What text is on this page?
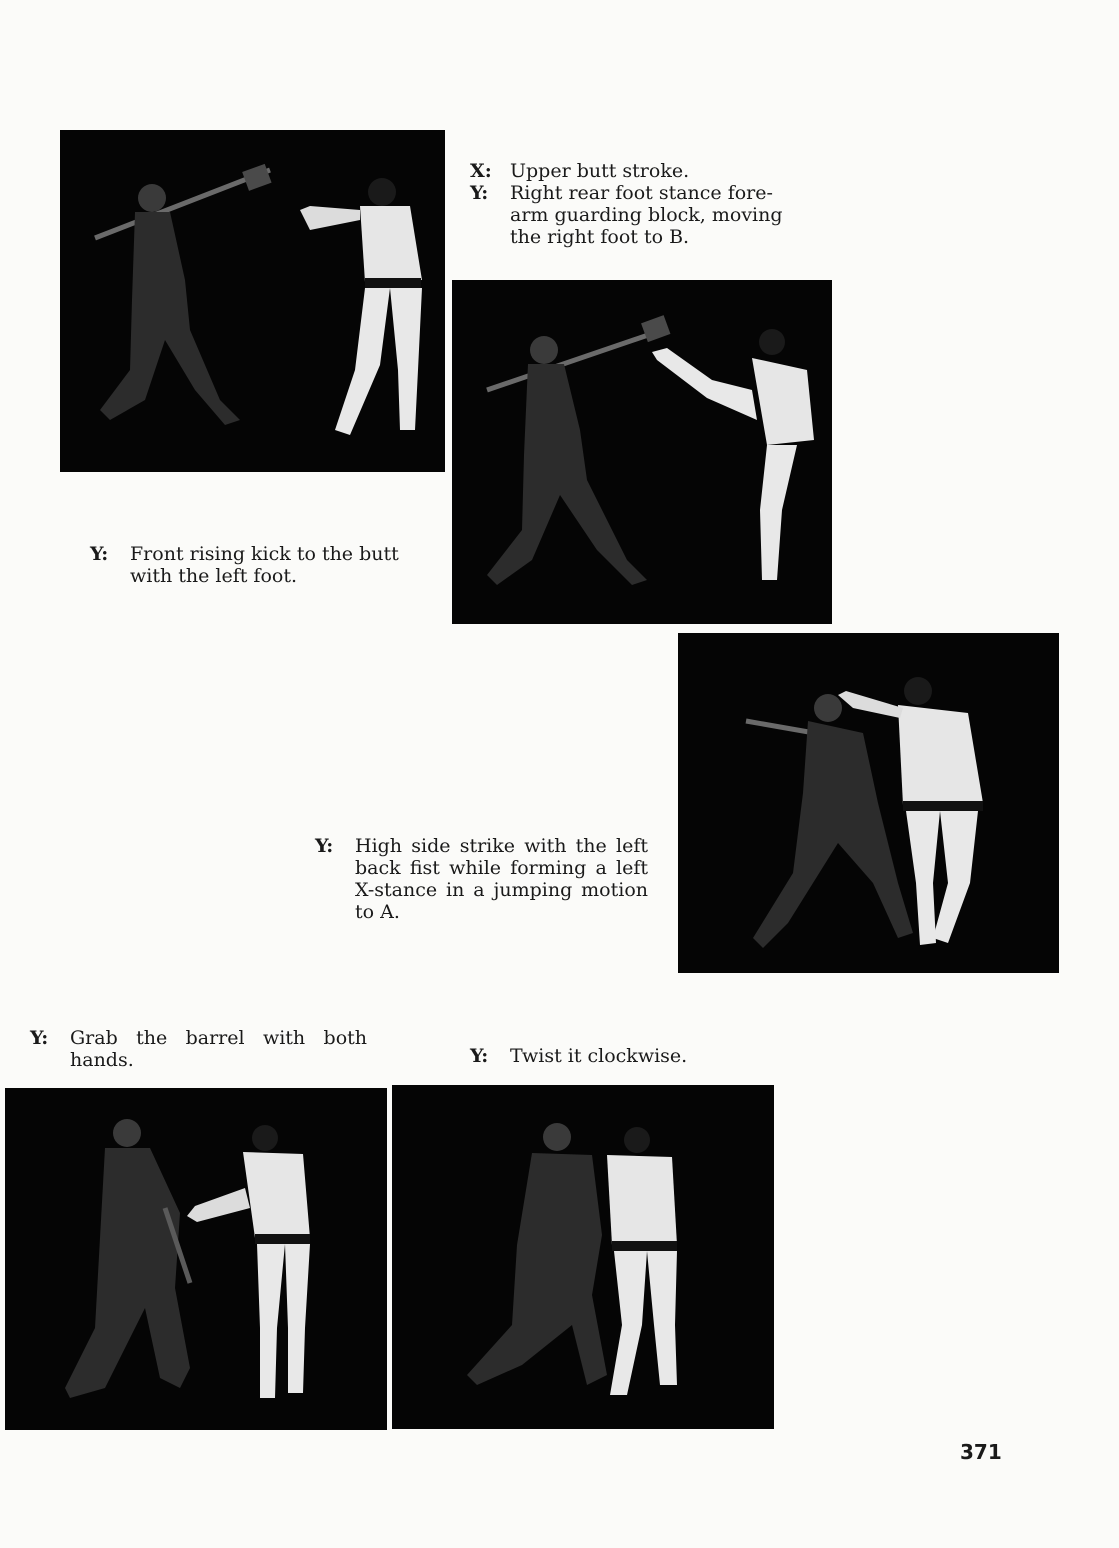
X: Upper butt stroke.
Y:	Right rear foot stance fore-arm guarding block, moving the right foot to B.
Y:	Front rising kick to the butt with the left foot.
Y:	High side strike with the left back fist while forming a left X-stance in a jumping motion to A.
Y:	Grab the barrel with both hands.	Y:	Twist it clockwise.
371
